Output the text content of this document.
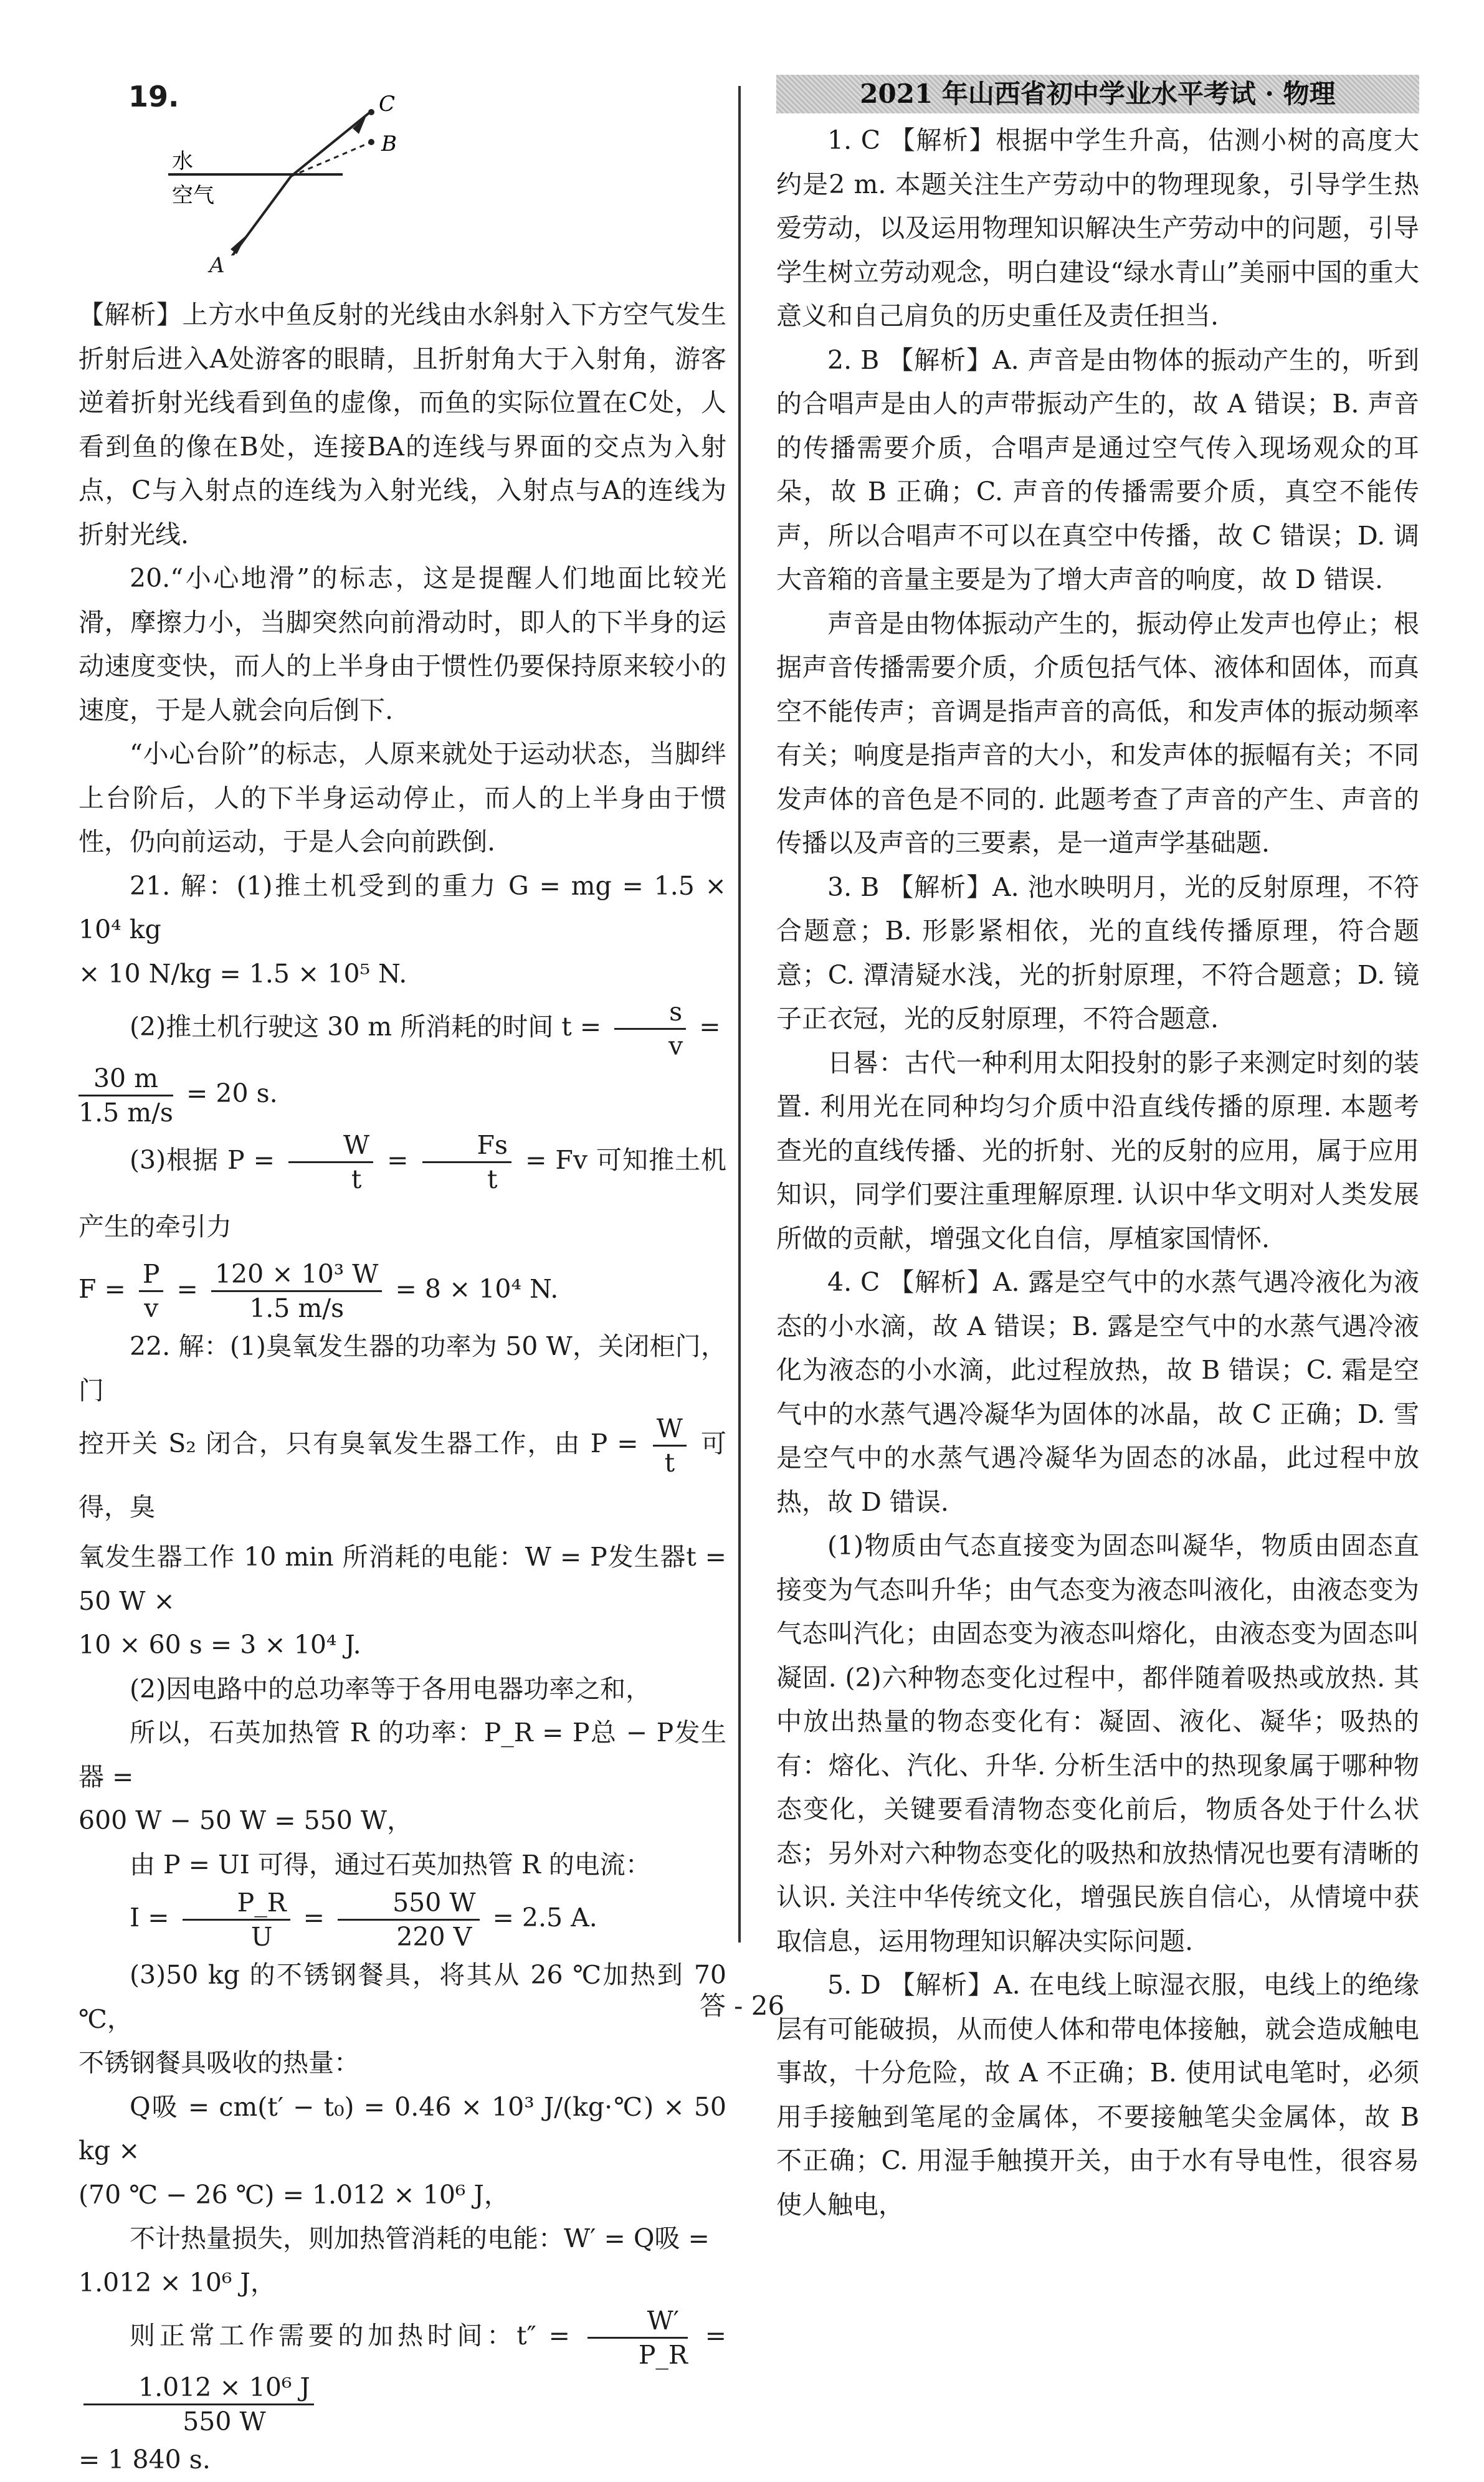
19.	C
B
水
空气
A

【解析】上方水中鱼反射的光线由水斜射入下方空气发生折射后进入A处游客的眼睛，且折射角大于入射角，游客逆着折射光线看到鱼的虚像，而鱼的实际位置在C处，人看到鱼的像在B处，连接BA的连线与界面的交点为入射点，C与入射点的连线为入射光线，入射点与A的连线为折射光线.

20.“小心地滑”的标志，这是提醒人们地面比较光滑，摩擦力小，当脚突然向前滑动时，即人的下半身的运动速度变快，而人的上半身由于惯性仍要保持原来较小的速度，于是人就会向后倒下.

“小心台阶”的标志，人原来就处于运动状态，当脚绊上台阶后，人的下半身运动停止，而人的上半身由于惯性，仍向前运动，于是人会向前跌倒.

21. 解：(1)推土机受到的重力 G = mg = 1.5 × 10⁴ kg

× 10 N/kg = 1.5 × 10⁵ N.

(2)推土机行驶这 30 m 所消耗的时间 $t = \frac{s}{v}$ =

$\frac{30 m}{1.5 m/s} = 20$ s.

(3)根据 $P = \frac{W}{t} = \frac{Fs}{t} = Fv$ 可知推土机产生的牵引力

$F = \frac{P}{v} = \frac{\text{120 × 10³ W}}{1.5 m/s} = 8 \times 10^4$ N.

22. 解：(1)臭氧发生器的功率为 50 W，关闭柜门，门

控开关 S₂ 闭合，只有臭氧发生器工作，由 $P = \frac{W}{t}$ 可得，臭

氧发生器工作 10 min 所消耗的电能：W = P发生器t = 50 W ×

10 × 60 s = 3 × 10⁴ J.

(2)因电路中的总功率等于各用电器功率之和，

所以，石英加热管 R 的功率：P_R = P总 − P发生器 =

600 W − 50 W = 550 W，

由 P = UI 可得，通过石英加热管 R 的电流：

$I = \frac{P\_R}{U} = \frac{550 W}{220 V} = 2.5$ A.

(3)50 kg 的不锈钢餐具，将其从 26 ℃加热到 70 ℃，

不锈钢餐具吸收的热量：

Q吸 = cm(t′ − t₀) = 0.46 × 10³ J/(kg·℃) × 50 kg ×

(70 ℃ − 26 ℃) = 1.012 × 10⁶ J，

不计热量损失，则加热管消耗的电能：W′ = Q吸 =

1.012 × 10⁶ J，

则正常工作需要的加热时间：$t'' = \frac{W'}{P\_R}$ =
$\frac{\text{1.012 × 10⁶ J}}{550 W}$

= 1 840 s.

2021 年山西省初中学业水平考试 · 物理

1. C 【解析】根据中学生升高，估测小树的高度大约是2 m. 本题关注生产劳动中的物理现象，引导学生热爱劳动，以及运用物理知识解决生产劳动中的问题，引导学生树立劳动观念，明白建设“绿水青山”美丽中国的重大意义和自己肩负的历史重任及责任担当.

2. B 【解析】A. 声音是由物体的振动产生的，听到的合唱声是由人的声带振动产生的，故 A 错误；B. 声音的传播需要介质，合唱声是通过空气传入现场观众的耳朵，故 B 正确；C. 声音的传播需要介质，真空不能传声，所以合唱声不可以在真空中传播，故 C 错误；D. 调大音箱的音量主要是为了增大声音的响度，故 D 错误.

声音是由物体振动产生的，振动停止发声也停止；根据声音传播需要介质，介质包括气体、液体和固体，而真空不能传声；音调是指声音的高低，和发声体的振动频率有关；响度是指声音的大小，和发声体的振幅有关；不同发声体的音色是不同的. 此题考查了声音的产生、声音的传播以及声音的三要素，是一道声学基础题.

3. B 【解析】A. 池水映明月，光的反射原理，不符合题意；B. 形影紧相依，光的直线传播原理，符合题意；C. 潭清疑水浅，光的折射原理，不符合题意；D. 镜子正衣冠，光的反射原理，不符合题意.

日晷：古代一种利用太阳投射的影子来测定时刻的装置. 利用光在同种均匀介质中沿直线传播的原理. 本题考查光的直线传播、光的折射、光的反射的应用，属于应用知识，同学们要注重理解原理. 认识中华文明对人类发展所做的贡献，增强文化自信，厚植家国情怀.

4. C 【解析】A. 露是空气中的水蒸气遇冷液化为液态的小水滴，故 A 错误；B. 露是空气中的水蒸气遇冷液化为液态的小水滴，此过程放热，故 B 错误；C. 霜是空气中的水蒸气遇冷凝华为固体的冰晶，故 C 正确；D. 雪是空气中的水蒸气遇冷凝华为固态的冰晶，此过程中放热，故 D 错误.

(1)物质由气态直接变为固态叫凝华，物质由固态直接变为气态叫升华；由气态变为液态叫液化，由液态变为气态叫汽化；由固态变为液态叫熔化，由液态变为固态叫凝固. (2)六种物态变化过程中，都伴随着吸热或放热. 其中放出热量的物态变化有：凝固、液化、凝华；吸热的有：熔化、汽化、升华. 分析生活中的热现象属于哪种物态变化，关键要看清物态变化前后，物质各处于什么状态；另外对六种物态变化的吸热和放热情况也要有清晰的认识. 关注中华传统文化，增强民族自信心，从情境中获取信息，运用物理知识解决实际问题.

5. D 【解析】A. 在电线上晾湿衣服，电线上的绝缘层有可能破损，从而使人体和带电体接触，就会造成触电事故，十分危险，故 A 不正确；B. 使用试电笔时，必须用手接触到笔尾的金属体，不要接触笔尖金属体，故 B 不正确；C. 用湿手触摸开关，由于水有导电性，很容易使人触电，

答 - 26
